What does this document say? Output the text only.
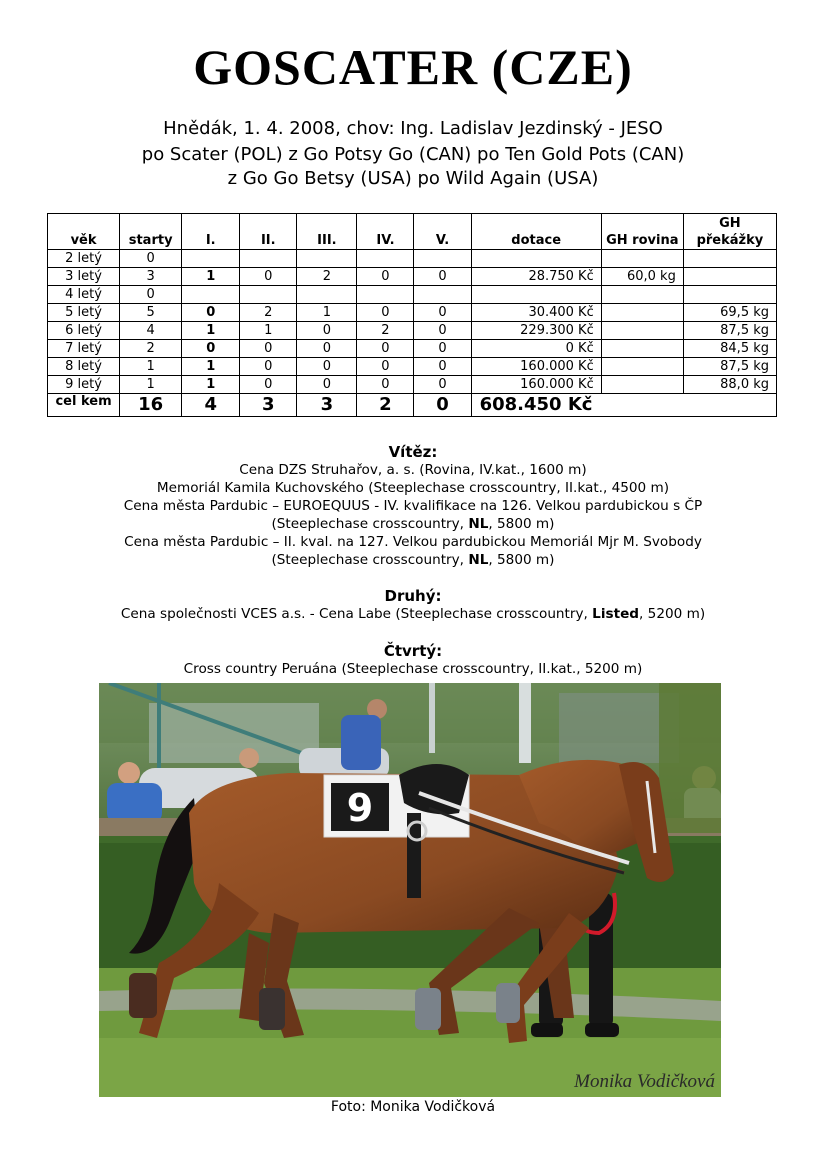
GOSCATER (CZE)
Hnědák, 1. 4. 2008, chov: Ing. Ladislav Jezdinský - JESO
po Scater (POL) z Go Potsy Go (CAN) po Ten Gold Pots (CAN)
z Go Go Betsy (USA) po Wild Again (USA)
věk	starty	I.	II.	III.	IV.	V.	dotace	GH rovina	GH překážky

2 letý	0								
3 letý	3	1	0	2	0	0	28.750 Kč	60,0 kg	
4 letý	0								
5 letý	5	0	2	1	0	0	30.400 Kč		69,5 kg
6 letý	4	1	1	0	2	0	229.300 Kč		87,5 kg
7 letý	2	0	0	0	0	0	0 Kč		84,5 kg
8 letý	1	1	0	0	0	0	160.000 Kč		87,5 kg
9 letý	1	1	0	0	0	0	160.000 Kč		88,0 kg
cel kem	16	4	3	3	2	0	608.450 Kč		
Vítěz:
Cena DZS Struhařov, a. s. (Rovina, IV.kat., 1600 m)
Memoriál Kamila Kuchovského (Steeplechase crosscountry, II.kat., 4500 m)
Cena města Pardubic – EUROEQUUS - IV. kvalifikace na 126. Velkou pardubickou s ČP
(Steeplechase crosscountry, NL, 5800 m)
Cena města Pardubic – II. kval. na 127. Velkou pardubickou Memoriál Mjr M. Svobody
(Steeplechase crosscountry, NL, 5800 m)
Druhý:
Cena společnosti VCES a.s. - Cena Labe (Steeplechase crosscountry, Listed, 5200 m)
Čtvrtý:
Cross country Peruána (Steeplechase crosscountry, II.kat., 5200 m)
9
Monika Vodičková
Foto: Monika Vodičková
